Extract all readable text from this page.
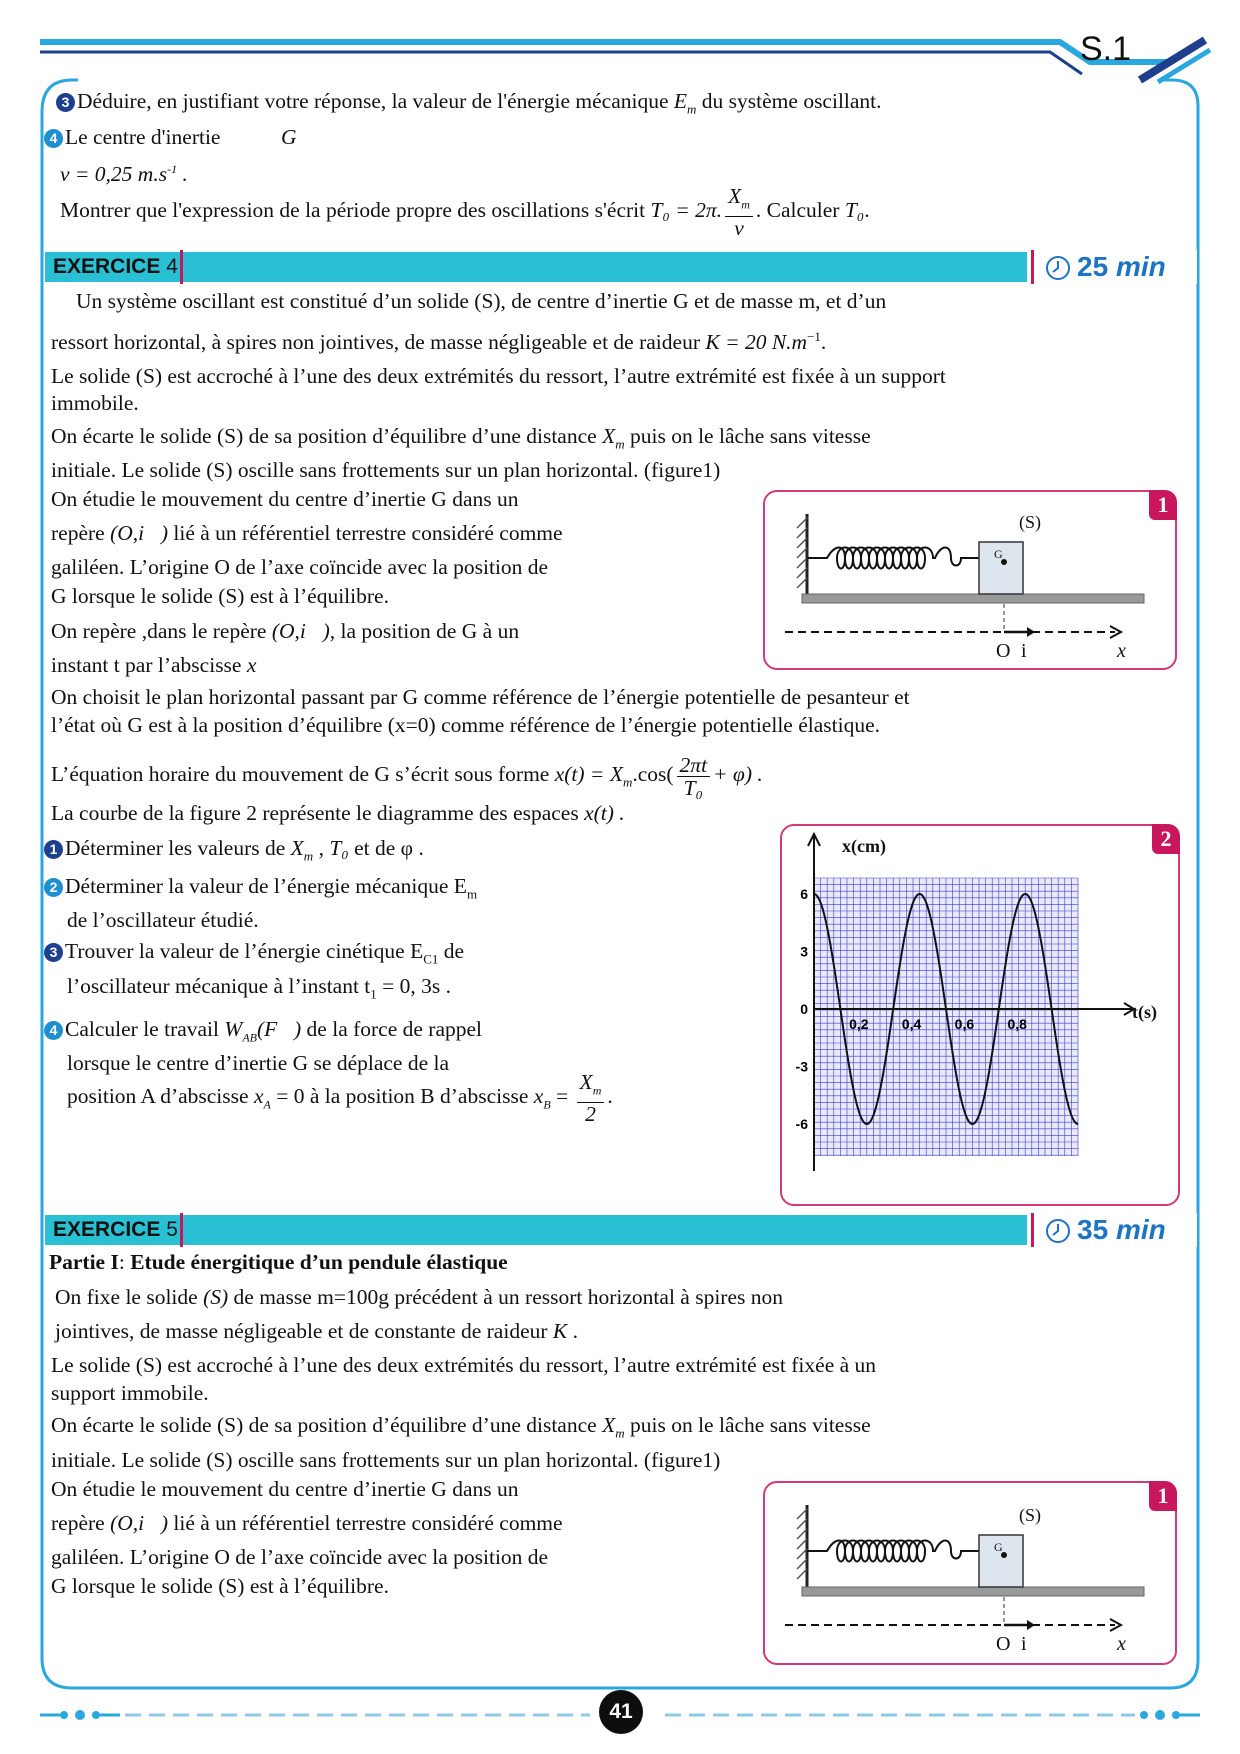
S.1
41
3 Déduire, en justifiant votre réponse, la valeur de l'énergie mécanique $E_m$ du système oscillant.
4 Le centre d'inertie	G
v = 0,25 $m.s^{-1}$ .
Montrer que l'expression de la période propre des oscillations s'écrit T₀ = 2π. $\frac{X_m}{v}$ . Calculer T₀.
EXERCICE 4	25 min
Un système oscillant est constitué d’un solide (S), de centre d’inertie G et de masse m, et d’un
ressort horizontal, à spires non jointives, de masse négligeable et de raideur K = 20 $N.m^{-1}$.
Le solide (S) est accroché à l’une des deux extrémités du ressort, l’autre extrémité est fixée à un support
immobile.
On écarte le solide (S) de sa position d’équilibre d’une distance $X_m$ puis on le lâche sans vitesse
initiale. Le solide (S) oscille sans frottements sur un plan horizontal. (figure1)
On étudie le mouvement du centre d’inertie G dans un
repère (O,i⃗) lié à un référentiel terrestre considéré comme
galiléen. L’origine O de l’axe coïncide avec la position de
G lorsque le solide (S) est à l’équilibre.
On repère ,dans le repère (O,i⃗), la position de G à un
instant t par l’abscisse x
On choisit le plan horizontal passant par G comme référence de l’énergie potentielle de pesanteur et
l’état où G est à la position d’équilibre (x=0) comme référence de l’énergie potentielle élastique.
L’équation horaire du mouvement de G s’écrit sous forme $x(t) = X_m.\cos( \frac{2\pi t}{\text{T₀}} + \varphi)$ .
La courbe de la figure 2 représente le diagramme des espaces x(t) .
1 Déterminer les valeurs de $X_m$ , T₀ et de φ .
2 Déterminer la valeur de l’énergie mécanique $E_m$
de l’oscillateur étudié.
3 Trouver la valeur de l’énergie cinétique $E_{C1}$ de
l’oscillateur mécanique à l’instant $t_1 = 0$, 3s .
4 Calculer le travail $W_{AB}(F⃗)$ de la force de rappel
lorsque le centre d’inertie G se déplace de la
position A d’abscisse $x_A = 0$ à la position B d’abscisse $x_B = \frac{X_m}{2}$ .
1
(S)
G
O i	x
2
6
3
0
-3
-6
0,2 0,4 0,6 0,8
x(cm)
t(s)
EXERCICE 5	35 min
Partie I: Etude énergitique d’un pendule élastique
On fixe le solide (S) de masse m=100g précédent à un ressort horizontal à spires non
jointives, de masse négligeable et de constante de raideur K .
Le solide (S) est accroché à l’une des deux extrémités du ressort, l’autre extrémité est fixée à un
support immobile.
On écarte le solide (S) de sa position d’équilibre d’une distance $X_m$ puis on le lâche sans vitesse
initiale. Le solide (S) oscille sans frottements sur un plan horizontal. (figure1)
On étudie le mouvement du centre d’inertie G dans un
repère (O,i⃗) lié à un référentiel terrestre considéré comme
galiléen. L’origine O de l’axe coïncide avec la position de
G lorsque le solide (S) est à l’équilibre.
1
(S)
G
O i	x
